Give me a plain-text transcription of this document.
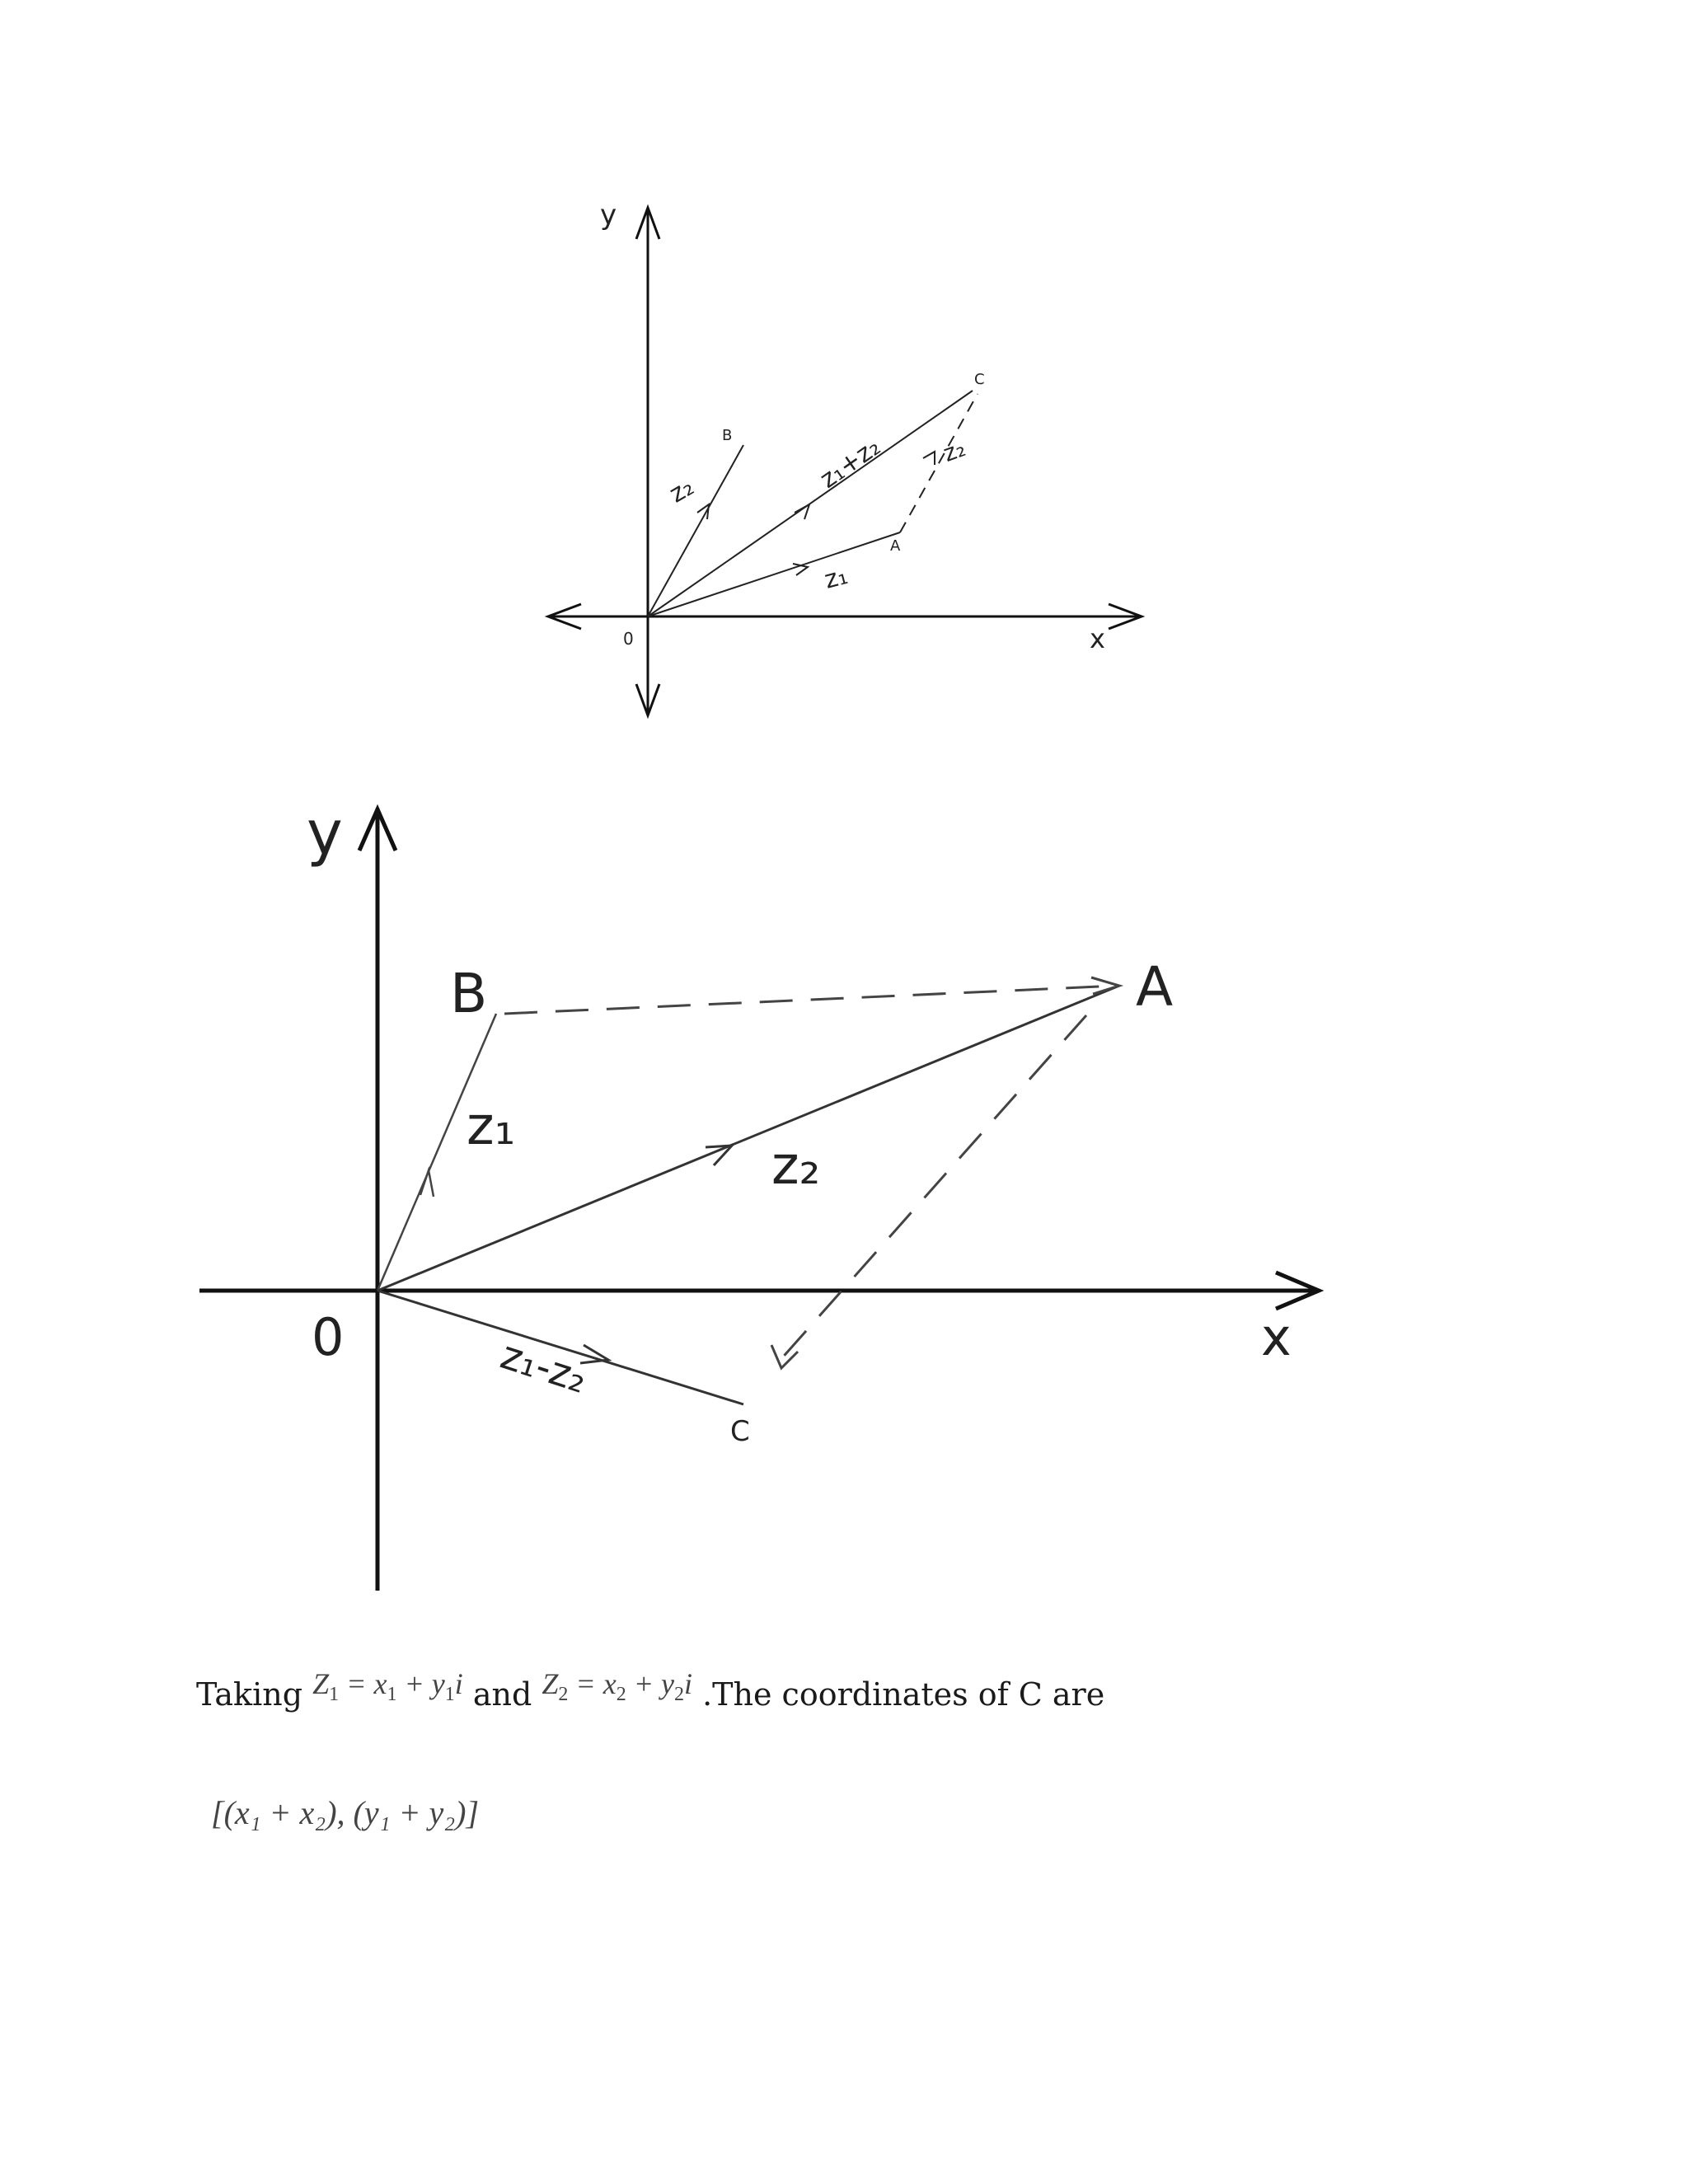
y
x
0
B
C
A
z₂	z₁+z₂
z₁
z₂
y
x
0
B	A
C
z₁
z₂
z₁-z₂
Taking $Z_1 = x_1 + y_1i$ and $Z_2 = x_2 + y_2i$ .The coordinates of C are
[(x₁ + x₂), (y₁ + y₂)]
